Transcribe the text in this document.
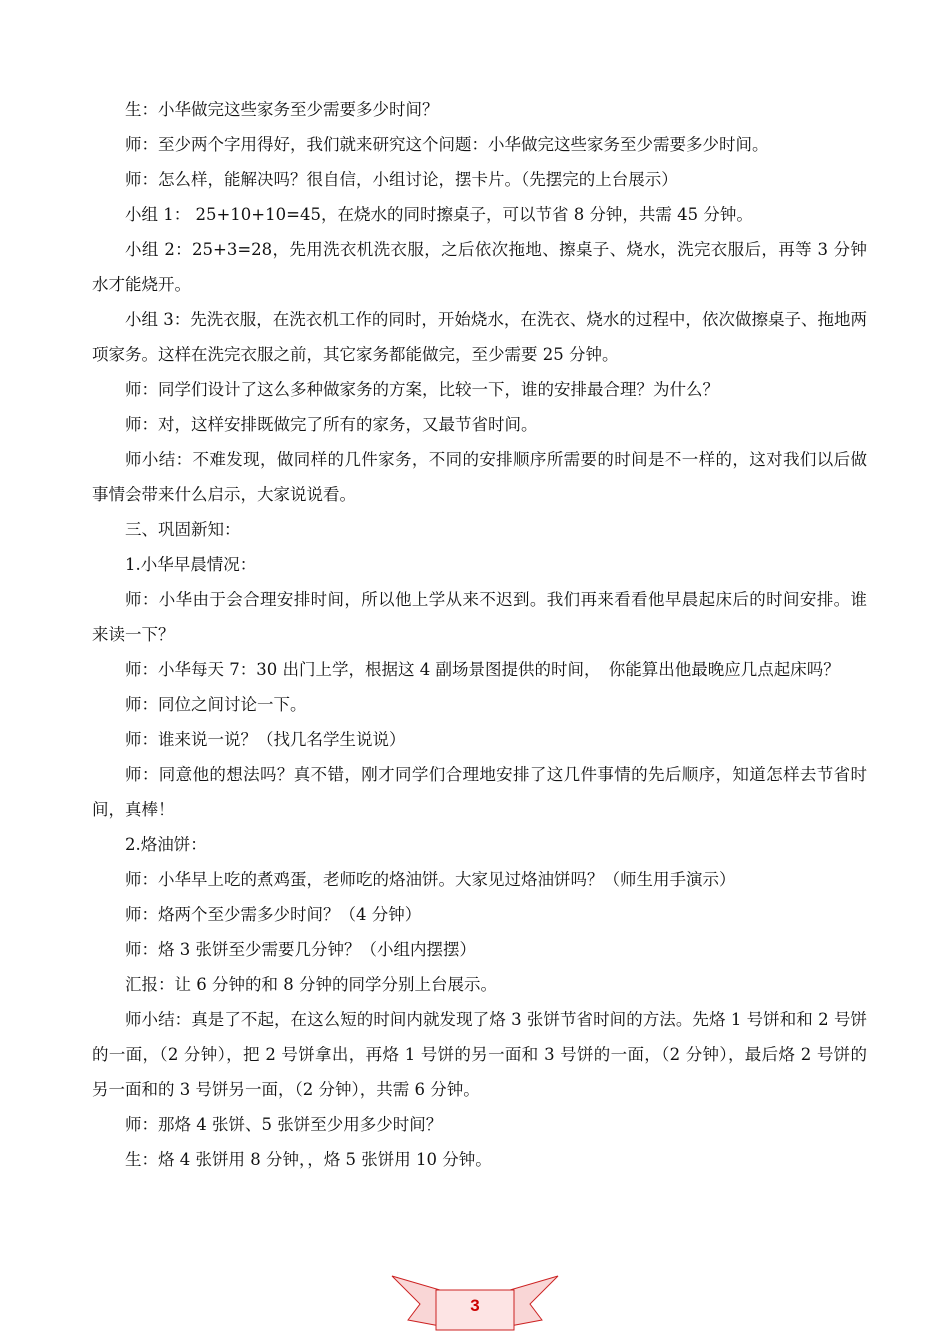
生：小华做完这些家务至少需要多少时间？

师：至少两个字用得好，我们就来研究这个问题：小华做完这些家务至少需要多少时间。

师：怎么样，能解决吗？很自信，小组讨论，摆卡片。（先摆完的上台展示）

小组 1： 25+10+10=45，在烧水的同时擦桌子，可以节省 8 分钟，共需 45 分钟。

小组 2：25+3=28，先用洗衣机洗衣服，之后依次拖地、擦桌子、烧水，洗完衣服后，再等 3 分钟水才能烧开。

小组 3：先洗衣服，在洗衣机工作的同时，开始烧水，在洗衣、烧水的过程中，依次做擦桌子、拖地两项家务。这样在洗完衣服之前，其它家务都能做完，至少需要 25 分钟。

师：同学们设计了这么多种做家务的方案，比较一下，谁的安排最合理？为什么？

师：对，这样安排既做完了所有的家务，又最节省时间。

师小结：不难发现，做同样的几件家务，不同的安排顺序所需要的时间是不一样的，这对我们以后做事情会带来什么启示，大家说说看。

三、巩固新知：

1.小华早晨情况：

师：小华由于会合理安排时间，所以他上学从来不迟到。我们再来看看他早晨起床后的时间安排。谁来读一下？

师：小华每天 7：30 出门上学，根据这 4 副场景图提供的时间，　你能算出他最晚应几点起床吗？

师：同位之间讨论一下。

师：谁来说一说？（找几名学生说说）

师：同意他的想法吗？真不错，刚才同学们合理地安排了这几件事情的先后顺序，知道怎样去节省时间，真棒！

2.烙油饼：

师：小华早上吃的煮鸡蛋，老师吃的烙油饼。大家见过烙油饼吗？（师生用手演示）

师：烙两个至少需多少时间？（4 分钟）

师：烙 3 张饼至少需要几分钟？（小组内摆摆）

汇报：让 6 分钟的和 8 分钟的同学分别上台展示。

师小结：真是了不起，在这么短的时间内就发现了烙 3 张饼节省时间的方法。先烙 1 号饼和和 2 号饼的一面，（2 分钟），把 2 号饼拿出，再烙 1 号饼的另一面和 3 号饼的一面，（2 分钟），最后烙 2 号饼的另一面和的 3 号饼另一面，（2 分钟），共需 6 分钟。

师：那烙 4 张饼、5 张饼至少用多少时间？

生：烙 4 张饼用 8 分钟，，烙 5 张饼用 10 分钟。

3
